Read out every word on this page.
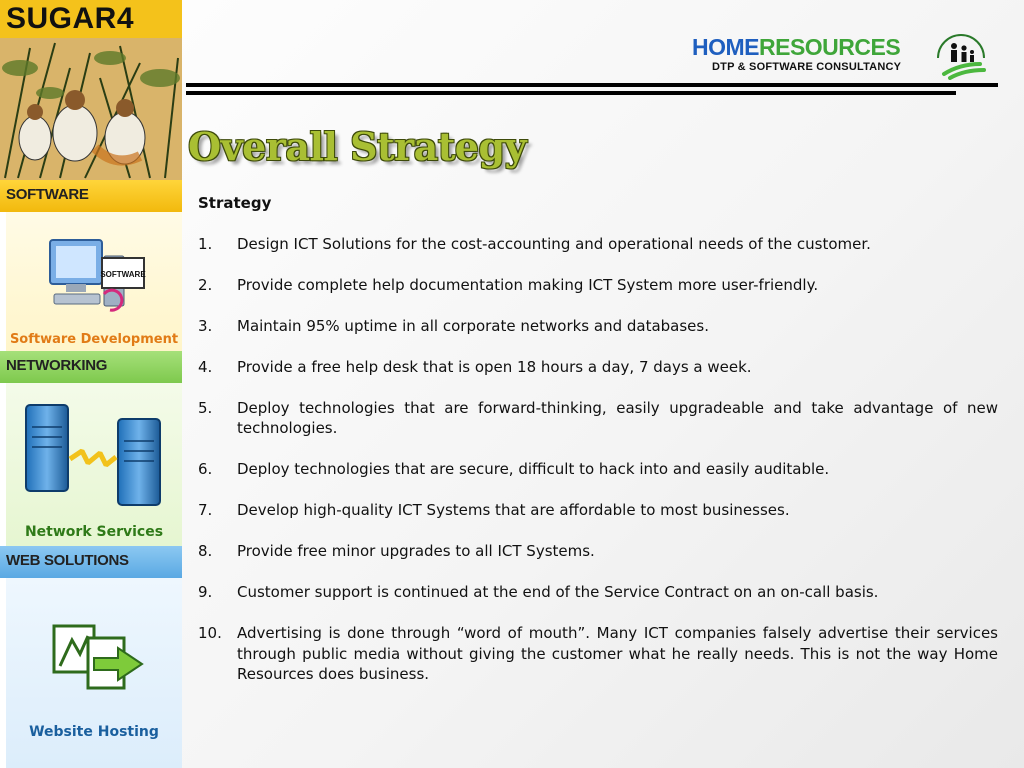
SUGAR4
SOFTWARE
SOFTWARE
Software Development
NETWORKING
Network Services
WEB SOLUTIONS
Website Hosting
HOMERESOURCES
DTP & SOFTWARE CONSULTANCY
Overall Strategy
Strategy
1. Design ICT Solutions for the cost-accounting and operational needs of the customer.
2. Provide complete help documentation making ICT System more user-friendly.
3. Maintain 95% uptime in all corporate networks and databases.
4. Provide a free help desk that is open 18 hours a day, 7 days a week.
5. Deploy technologies that are forward-thinking, easily upgradeable and take advantage of new technologies.
6. Deploy technologies that are secure, difficult to hack into and easily auditable.
7. Develop high-quality ICT Systems that are affordable to most businesses.
8. Provide free minor upgrades to all ICT Systems.
9. Customer support is continued at the end of the Service Contract on an on-call basis.
10. Advertising is done through “word of mouth”. Many ICT companies falsely advertise their services through public media without giving the customer what he really needs. This is not the way Home Resources does business.
